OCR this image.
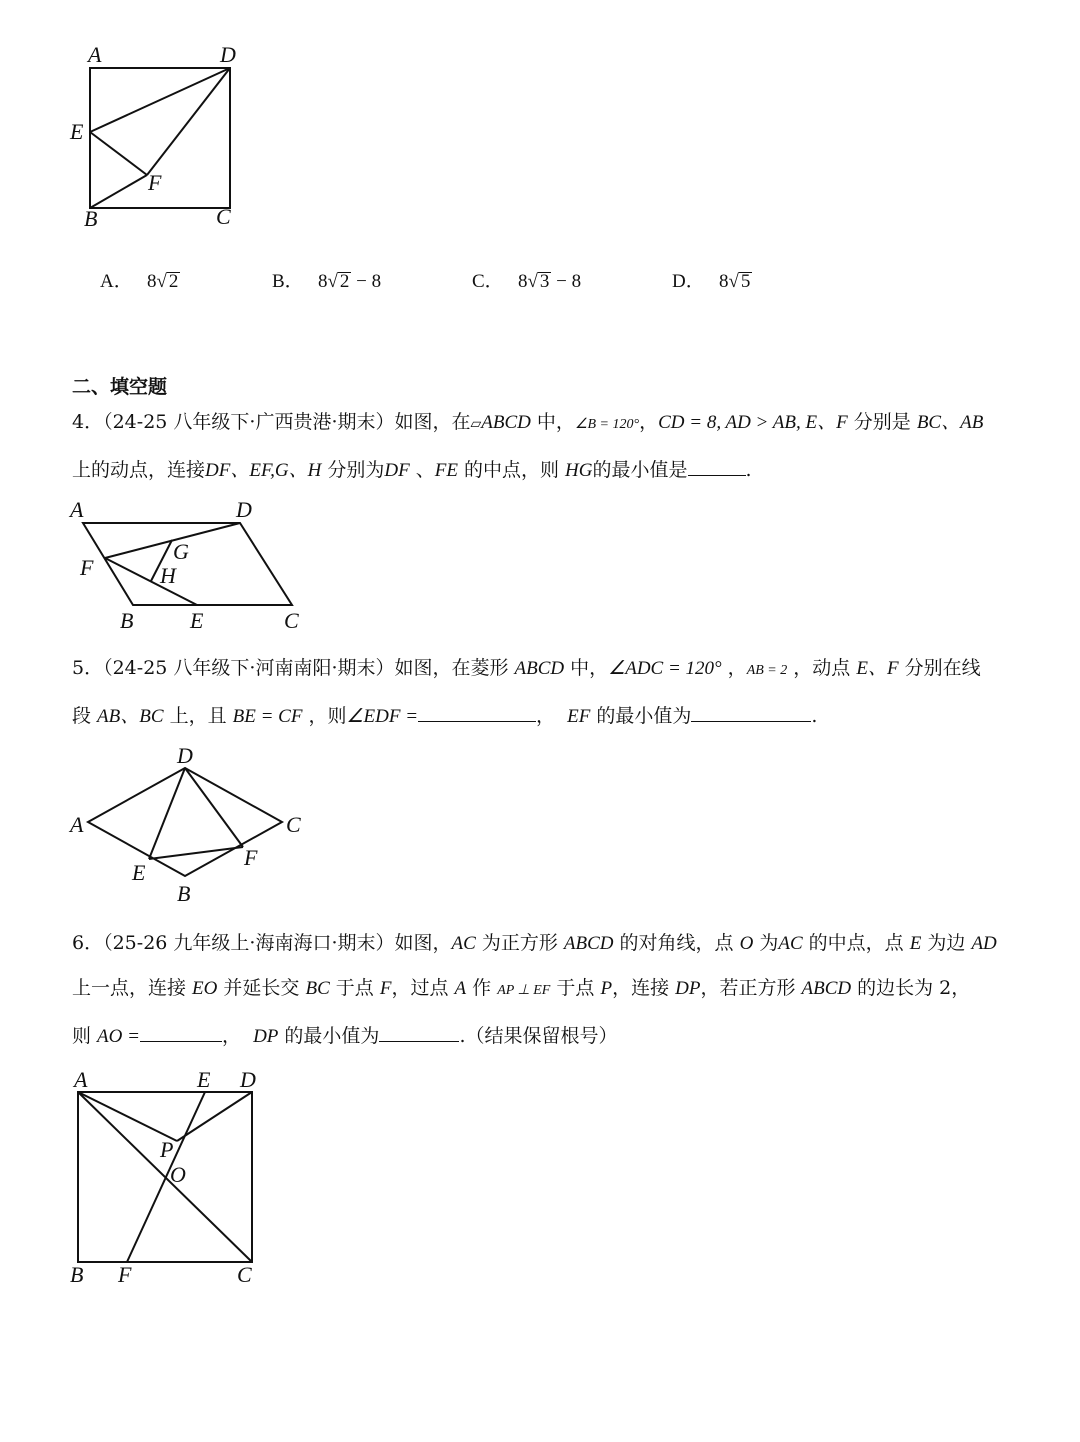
A	D
E
F
B	C
A． 8√ 2	B． 8√ 2 − 8	C． 8√ 3 − 8	D． 8√ 5
二、填空题
4．（24-25 八年级下·广西贵港·期末）如图，在▱ABCD 中，∠B = 120°，CD = 8, AD > AB, E、F 分别是 BC、AB
上的动点，连接DF、EF,G、H 分别为DF 、FE 的中点，则 HG的最小值是	.
A	D
G
F	H
B	E	C
5．（24-25 八年级下·河南南阳·期末）如图，在菱形 ABCD 中，∠ADC = 120° ，AB = 2 ，动点 E、F 分别在线
段 AB、BC 上，且 BE = CF ，则∠EDF =	， EF 的最小值为	.
D
A	C
F
E
B
6．（25-26 九年级上·海南海口·期末）如图，AC 为正方形 ABCD 的对角线，点 O 为AC 的中点，点 E 为边 AD
上一点，连接 EO 并延长交 BC 于点 F，过点 A 作 AP ⊥ EF 于点 P，连接 DP，若正方形 ABCD 的边长为 2，
则 AO =	， DP 的最小值为	.（结果保留根号）
A	E D
P
O
B F	C
